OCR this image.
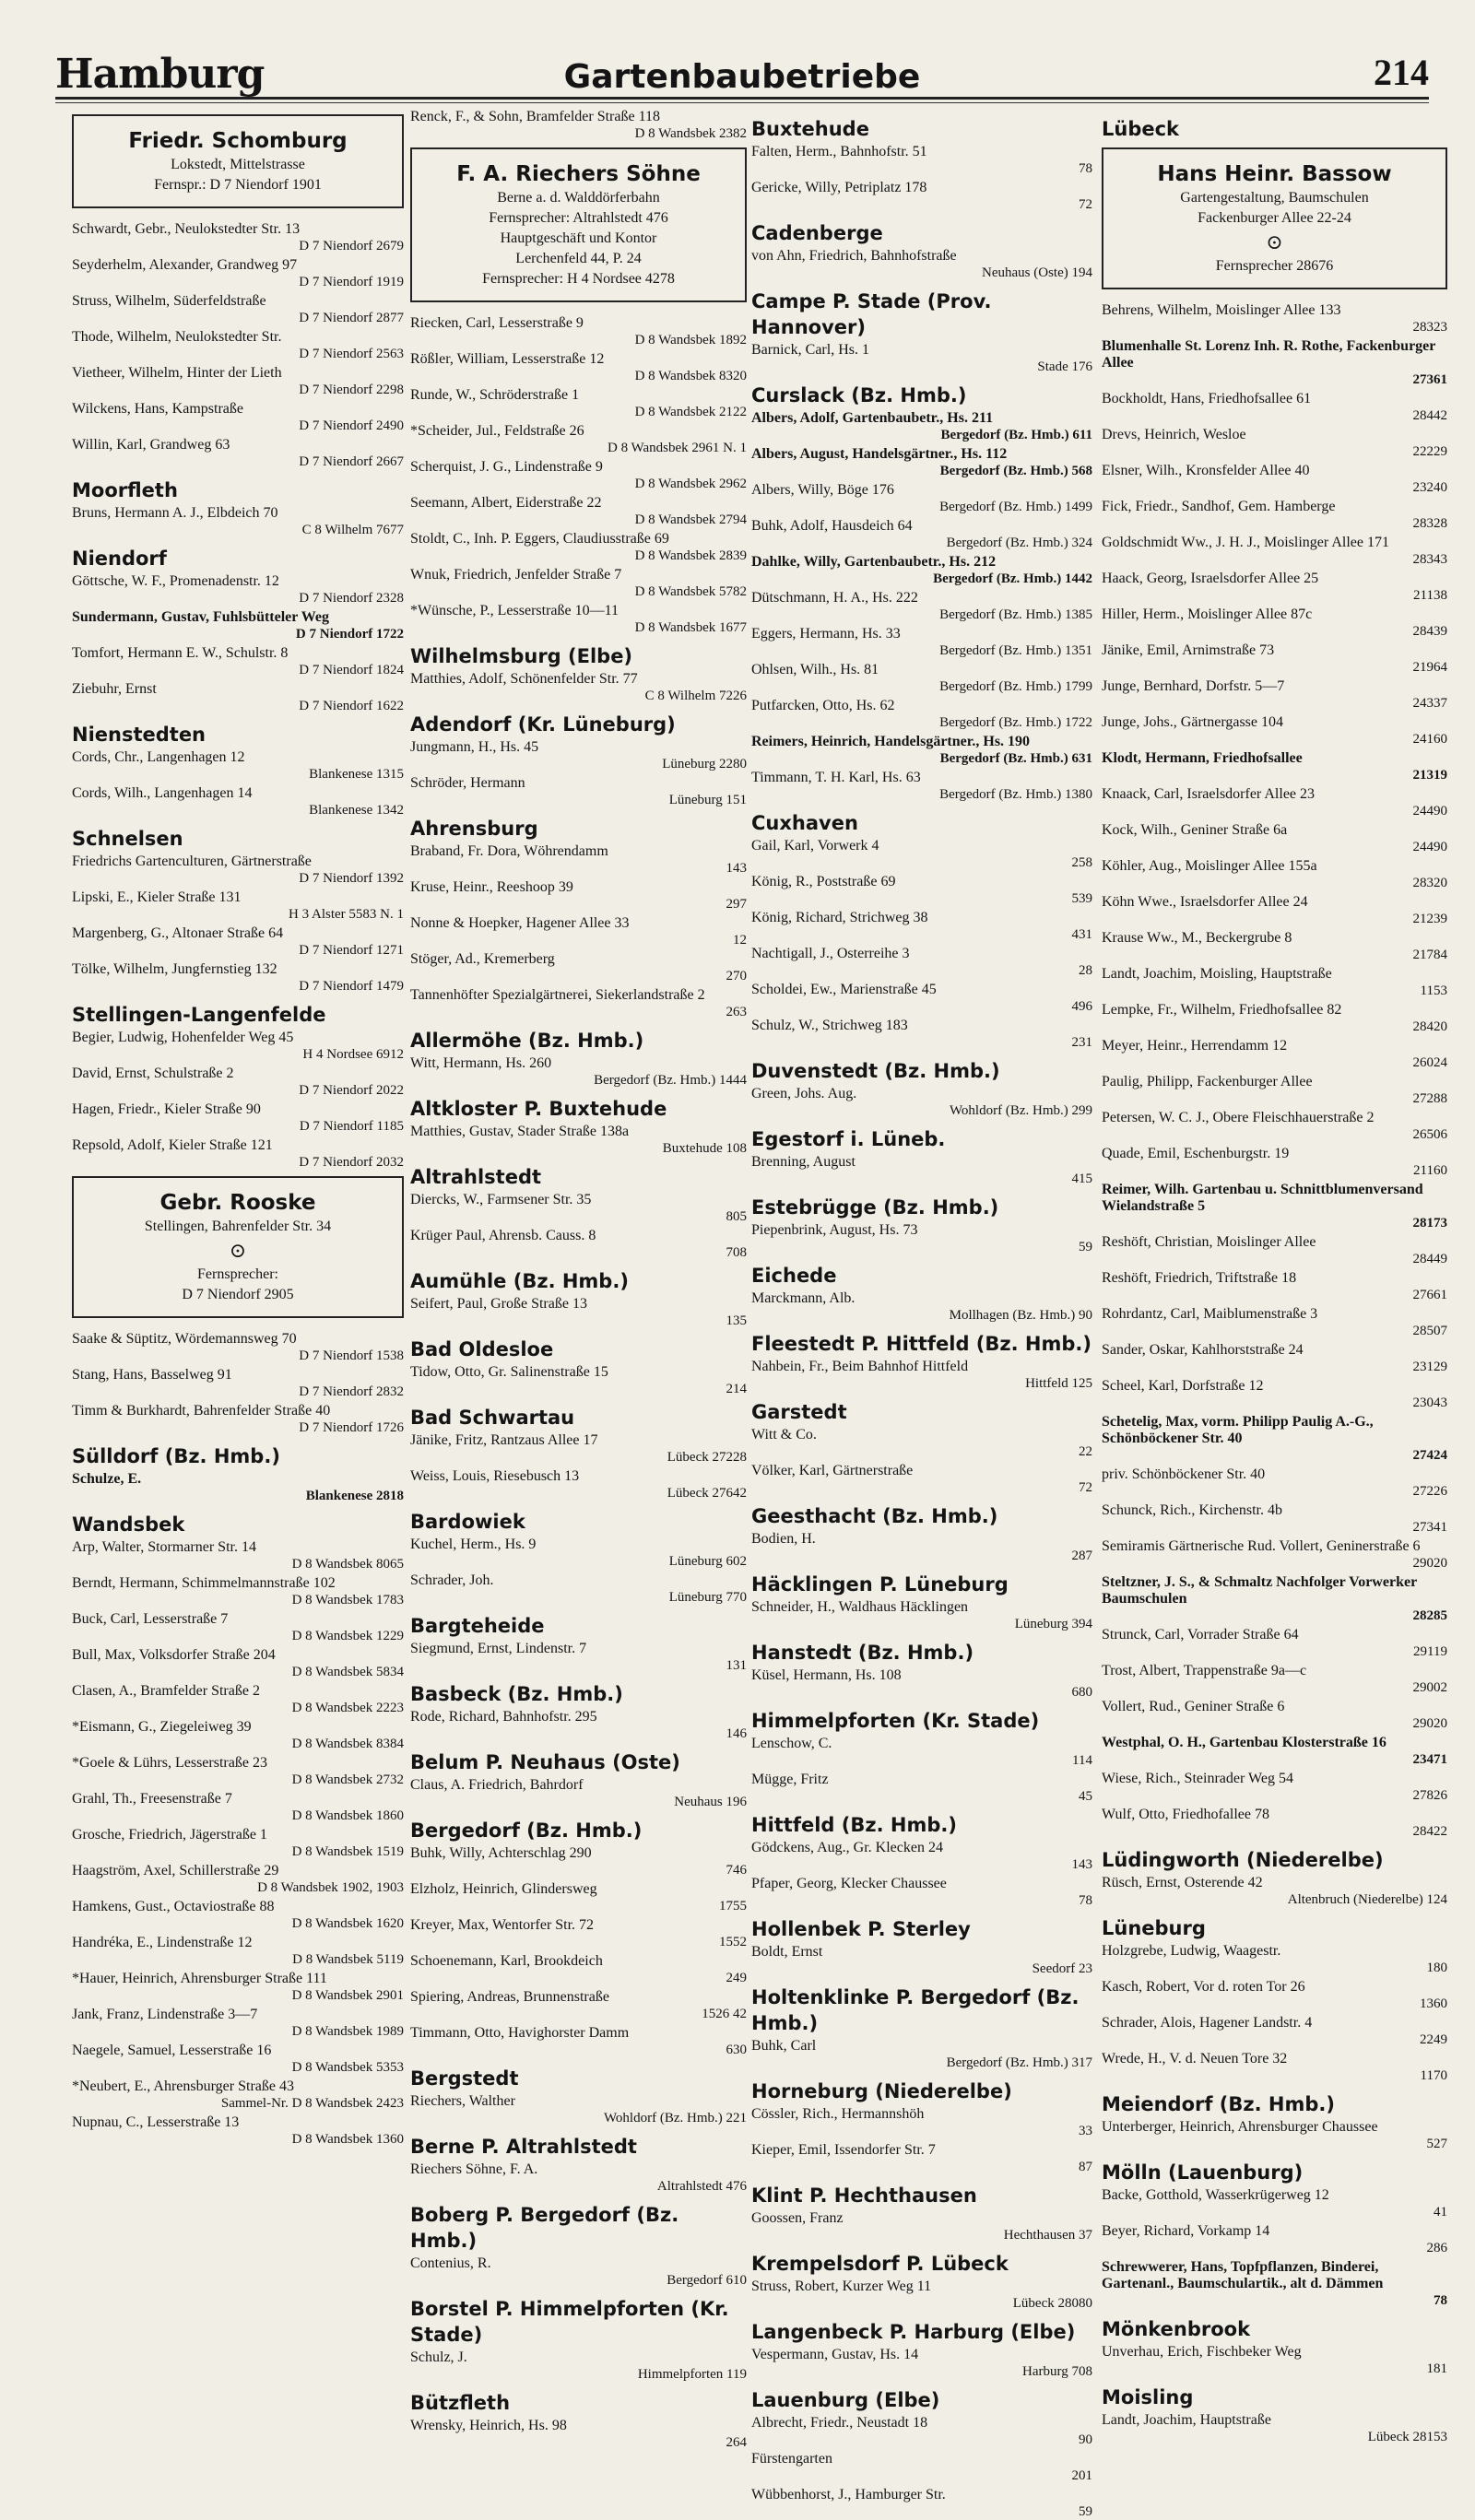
Hamburg	Gartenbaubetriebe	214
Friedr. Schomburg
Lokstedt, Mittelstrasse
Fernspr.: D 7 Niendorf 1901
Schwardt, Gebr., Neulokstedter Str. 13
D 7 Niendorf 2679
Seyderhelm, Alexander, Grandweg 97
D 7 Niendorf 1919
Struss, Wilhelm, Süderfeldstraße
D 7 Niendorf 2877
Thode, Wilhelm, Neulokstedter Str.
D 7 Niendorf 2563
Vietheer, Wilhelm, Hinter der Lieth
D 7 Niendorf 2298
Wilckens, Hans, Kampstraße
D 7 Niendorf 2490
Willin, Karl, Grandweg 63
D 7 Niendorf 2667
Moorfleth
Bruns, Hermann A. J., Elbdeich 70
C 8 Wilhelm 7677
Niendorf
Göttsche, W. F., Promenadenstr. 12
D 7 Niendorf 2328
Sundermann, Gustav, Fuhlsbütteler Weg
D 7 Niendorf 1722
Tomfort, Hermann E. W., Schulstr. 8
D 7 Niendorf 1824
Ziebuhr, Ernst
D 7 Niendorf 1622
Nienstedten
Cords, Chr., Langenhagen 12
Blankenese 1315
Cords, Wilh., Langenhagen 14
Blankenese 1342
Schnelsen
Friedrichs Gartenculturen, Gärtnerstraße
D 7 Niendorf 1392
Lipski, E., Kieler Straße 131
H 3 Alster 5583 N. 1
Margenberg, G., Altonaer Straße 64
D 7 Niendorf 1271
Tölke, Wilhelm, Jungfernstieg 132
D 7 Niendorf 1479
Stellingen-Langenfelde
Begier, Ludwig, Hohenfelder Weg 45
H 4 Nordsee 6912
David, Ernst, Schulstraße 2
D 7 Niendorf 2022
Hagen, Friedr., Kieler Straße 90
D 7 Niendorf 1185
Repsold, Adolf, Kieler Straße 121
D 7 Niendorf 2032
Gebr. Rooske
Stellingen, Bahrenfelder Str. 34
⊙
Fernsprecher:
D 7 Niendorf 2905
Saake & Süptitz, Wördemannsweg 70
D 7 Niendorf 1538
Stang, Hans, Basselweg 91
D 7 Niendorf 2832
Timm & Burkhardt, Bahrenfelder Straße 40
D 7 Niendorf 1726
Sülldorf (Bz. Hmb.)
Schulze, E.
Blankenese 2818
Wandsbek
Arp, Walter, Stormarner Str. 14
D 8 Wandsbek 8065
Berndt, Hermann, Schimmelmannstraße 102
D 8 Wandsbek 1783
Buck, Carl, Lesserstraße 7
D 8 Wandsbek 1229
Bull, Max, Volksdorfer Straße 204
D 8 Wandsbek 5834
Clasen, A., Bramfelder Straße 2
D 8 Wandsbek 2223
*Eismann, G., Ziegeleiweg 39
D 8 Wandsbek 8384
*Goele & Lührs, Lesserstraße 23
D 8 Wandsbek 2732
Grahl, Th., Freesenstraße 7
D 8 Wandsbek 1860
Grosche, Friedrich, Jägerstraße 1
D 8 Wandsbek 1519
Haagström, Axel, Schillerstraße 29
D 8 Wandsbek 1902, 1903
Hamkens, Gust., Octaviostraße 88
D 8 Wandsbek 1620
Handréka, E., Lindenstraße 12
D 8 Wandsbek 5119
*Hauer, Heinrich, Ahrensburger Straße 111
D 8 Wandsbek 2901
Jank, Franz, Lindenstraße 3—7
D 8 Wandsbek 1989
Naegele, Samuel, Lesserstraße 16
D 8 Wandsbek 5353
*Neubert, E., Ahrensburger Straße 43
Sammel-Nr. D 8 Wandsbek 2423
Nupnau, C., Lesserstraße 13
D 8 Wandsbek 1360
Renck, F., & Sohn, Bramfelder Straße 118
D 8 Wandsbek 2382
F. A. Riechers Söhne
Berne a. d. Walddörferbahn
Fernsprecher: Altrahlstedt 476
Hauptgeschäft und Kontor
Lerchenfeld 44, P. 24
Fernsprecher: H 4 Nordsee 4278
Riecken, Carl, Lesserstraße 9
D 8 Wandsbek 1892
Rößler, William, Lesserstraße 12
D 8 Wandsbek 8320
Runde, W., Schröderstraße 1
D 8 Wandsbek 2122
*Scheider, Jul., Feldstraße 26
D 8 Wandsbek 2961 N. 1
Scherquist, J. G., Lindenstraße 9
D 8 Wandsbek 2962
Seemann, Albert, Eiderstraße 22
D 8 Wandsbek 2794
Stoldt, C., Inh. P. Eggers, Claudiusstraße 69
D 8 Wandsbek 2839
Wnuk, Friedrich, Jenfelder Straße 7
D 8 Wandsbek 5782
*Wünsche, P., Lesserstraße 10—11
D 8 Wandsbek 1677
Wilhelmsburg (Elbe)
Matthies, Adolf, Schönenfelder Str. 77
C 8 Wilhelm 7226
Adendorf (Kr. Lüneburg)
Jungmann, H., Hs. 45
Lüneburg 2280
Schröder, Hermann
Lüneburg 151
Ahrensburg
Braband, Fr. Dora, Wöhrendamm
143
Kruse, Heinr., Reeshoop 39
297
Nonne & Hoepker, Hagener Allee 33
12
Stöger, Ad., Kremerberg
270
Tannenhöfter Spezialgärtnerei, Siekerlandstraße 2
263
Allermöhe (Bz. Hmb.)
Witt, Hermann, Hs. 260
Bergedorf (Bz. Hmb.) 1444
Altkloster P. Buxtehude
Matthies, Gustav, Stader Straße 138a
Buxtehude 108
Altrahlstedt
Diercks, W., Farmsener Str. 35
805
Krüger Paul, Ahrensb. Causs. 8
708
Aumühle (Bz. Hmb.)
Seifert, Paul, Große Straße 13
135
Bad Oldesloe
Tidow, Otto, Gr. Salinenstraße 15
214
Bad Schwartau
Jänike, Fritz, Rantzaus Allee 17
Lübeck 27228
Weiss, Louis, Riesebusch 13
Lübeck 27642
Bardowiek
Kuchel, Herm., Hs. 9
Lüneburg 602
Schrader, Joh.
Lüneburg 770
Bargteheide
Siegmund, Ernst, Lindenstr. 7
131
Basbeck (Bz. Hmb.)
Rode, Richard, Bahnhofstr. 295
146
Belum P. Neuhaus (Oste)
Claus, A. Friedrich, Bahrdorf
Neuhaus 196
Bergedorf (Bz. Hmb.)
Buhk, Willy, Achterschlag 290
746
Elzholz, Heinrich, Glindersweg
1755
Kreyer, Max, Wentorfer Str. 72
1552
Schoenemann, Karl, Brookdeich
249
Spiering, Andreas, Brunnenstraße
1526 42
Timmann, Otto, Havighorster Damm
630
Bergstedt
Riechers, Walther
Wohldorf (Bz. Hmb.) 221
Berne P. Altrahlstedt
Riechers Söhne, F. A.
Altrahlstedt 476
Boberg P. Bergedorf (Bz. Hmb.)
Contenius, R.
Bergedorf 610
Borstel P. Himmelpforten (Kr. Stade)
Schulz, J.
Himmelpforten 119
Bützfleth
Wrensky, Heinrich, Hs. 98
264
Buxtehude
Falten, Herm., Bahnhofstr. 51
78
Gericke, Willy, Petriplatz 178
72
Cadenberge
von Ahn, Friedrich, Bahnhofstraße
Neuhaus (Oste) 194
Campe P. Stade (Prov. Hannover)
Barnick, Carl, Hs. 1
Stade 176
Curslack (Bz. Hmb.)
Albers, Adolf, Gartenbaubetr., Hs. 211
Bergedorf (Bz. Hmb.) 611
Albers, August, Handelsgärtner., Hs. 112
Bergedorf (Bz. Hmb.) 568
Albers, Willy, Böge 176
Bergedorf (Bz. Hmb.) 1499
Buhk, Adolf, Hausdeich 64
Bergedorf (Bz. Hmb.) 324
Dahlke, Willy, Gartenbaubetr., Hs. 212
Bergedorf (Bz. Hmb.) 1442
Dütschmann, H. A., Hs. 222
Bergedorf (Bz. Hmb.) 1385
Eggers, Hermann, Hs. 33
Bergedorf (Bz. Hmb.) 1351
Ohlsen, Wilh., Hs. 81
Bergedorf (Bz. Hmb.) 1799
Putfarcken, Otto, Hs. 62
Bergedorf (Bz. Hmb.) 1722
Reimers, Heinrich, Handelsgärtner., Hs. 190
Bergedorf (Bz. Hmb.) 631
Timmann, T. H. Karl, Hs. 63
Bergedorf (Bz. Hmb.) 1380
Cuxhaven
Gail, Karl, Vorwerk 4
258
König, R., Poststraße 69
539
König, Richard, Strichweg 38
431
Nachtigall, J., Osterreihe 3
28
Scholdei, Ew., Marienstraße 45
496
Schulz, W., Strichweg 183
231
Duvenstedt (Bz. Hmb.)
Green, Johs. Aug.
Wohldorf (Bz. Hmb.) 299
Egestorf i. Lüneb.
Brenning, August
415
Estebrügge (Bz. Hmb.)
Piepenbrink, August, Hs. 73
59
Eichede
Marckmann, Alb.
Mollhagen (Bz. Hmb.) 90
Fleestedt P. Hittfeld (Bz. Hmb.)
Nahbein, Fr., Beim Bahnhof Hittfeld
Hittfeld 125
Garstedt
Witt & Co.
22
Völker, Karl, Gärtnerstraße
72
Geesthacht (Bz. Hmb.)
Bodien, H.
287
Häcklingen P. Lüneburg
Schneider, H., Waldhaus Häcklingen
Lüneburg 394
Hanstedt (Bz. Hmb.)
Küsel, Hermann, Hs. 108
680
Himmelpforten (Kr. Stade)
Lenschow, C.
114
Mügge, Fritz
45
Hittfeld (Bz. Hmb.)
Gödckens, Aug., Gr. Klecken 24
143
Pfaper, Georg, Klecker Chaussee
78
Hollenbek P. Sterley
Boldt, Ernst
Seedorf 23
Holtenklinke P. Bergedorf (Bz. Hmb.)
Buhk, Carl
Bergedorf (Bz. Hmb.) 317
Horneburg (Niederelbe)
Cössler, Rich., Hermannshöh
33
Kieper, Emil, Issendorfer Str. 7
87
Klint P. Hechthausen
Goossen, Franz
Hechthausen 37
Krempelsdorf P. Lübeck
Struss, Robert, Kurzer Weg 11
Lübeck 28080
Langenbeck P. Harburg (Elbe)
Vespermann, Gustav, Hs. 14
Harburg 708
Lauenburg (Elbe)
Albrecht, Friedr., Neustadt 18
90
Fürstengarten
201
Wübbenhorst, J., Hamburger Str.
59
Lübeck
Hans Heinr. Bassow
Gartengestaltung, Baumschulen
Fackenburger Allee 22-24
⊙
Fernsprecher 28676
Behrens, Wilhelm, Moislinger Allee 133
28323
Blumenhalle St. Lorenz Inh. R. Rothe, Fackenburger Allee
27361
Bockholdt, Hans, Friedhofsallee 61
28442
Drevs, Heinrich, Wesloe
22229
Elsner, Wilh., Kronsfelder Allee 40
23240
Fick, Friedr., Sandhof, Gem. Hamberge
28328
Goldschmidt Ww., J. H. J., Moislinger Allee 171
28343
Haack, Georg, Israelsdorfer Allee 25
21138
Hiller, Herm., Moislinger Allee 87c
28439
Jänike, Emil, Arnimstraße 73
21964
Junge, Bernhard, Dorfstr. 5—7
24337
Junge, Johs., Gärtnergasse 104
24160
Klodt, Hermann, Friedhofsallee
21319
Knaack, Carl, Israelsdorfer Allee 23
24490
Kock, Wilh., Geniner Straße 6a
24490
Köhler, Aug., Moislinger Allee 155a
28320
Köhn Wwe., Israelsdorfer Allee 24
21239
Krause Ww., M., Beckergrube 8
21784
Landt, Joachim, Moisling, Hauptstraße
1153
Lempke, Fr., Wilhelm, Friedhofsallee 82
28420
Meyer, Heinr., Herrendamm 12
26024
Paulig, Philipp, Fackenburger Allee
27288
Petersen, W. C. J., Obere Fleischhauerstraße 2
26506
Quade, Emil, Eschenburgstr. 19
21160
Reimer, Wilh. Gartenbau u. Schnittblumenversand Wielandstraße 5
28173
Reshöft, Christian, Moislinger Allee
28449
Reshöft, Friedrich, Triftstraße 18
27661
Rohrdantz, Carl, Maiblumenstraße 3
28507
Sander, Oskar, Kahlhorststraße 24
23129
Scheel, Karl, Dorfstraße 12
23043
Schetelig, Max, vorm. Philipp Paulig A.-G., Schönböckener Str. 40
27424
priv. Schönböckener Str. 40
27226
Schunck, Rich., Kirchenstr. 4b
27341
Semiramis Gärtnerische Rud. Vollert, Geninerstraße 6
29020
Steltzner, J. S., & Schmaltz Nachfolger Vorwerker Baumschulen
28285
Strunck, Carl, Vorrader Straße 64
29119
Trost, Albert, Trappenstraße 9a—c
29002
Vollert, Rud., Geniner Straße 6
29020
Westphal, O. H., Gartenbau Klosterstraße 16
23471
Wiese, Rich., Steinrader Weg 54
27826
Wulf, Otto, Friedhofallee 78
28422
Lüdingworth (Niederelbe)
Rüsch, Ernst, Osterende 42
Altenbruch (Niederelbe) 124
Lüneburg
Holzgrebe, Ludwig, Waagestr.
180
Kasch, Robert, Vor d. roten Tor 26
1360
Schrader, Alois, Hagener Landstr. 4
2249
Wrede, H., V. d. Neuen Tore 32
1170
Meiendorf (Bz. Hmb.)
Unterberger, Heinrich, Ahrensburger Chaussee
527
Mölln (Lauenburg)
Backe, Gotthold, Wasserkrügerweg 12
41
Beyer, Richard, Vorkamp 14
286
Schrewwerer, Hans, Topfpflanzen, Binderei, Gartenanl., Baumschulartik., alt d. Dämmen
78
Mönkenbrook
Unverhau, Erich, Fischbeker Weg
181
Moisling
Landt, Joachim, Hauptstraße
Lübeck 28153
